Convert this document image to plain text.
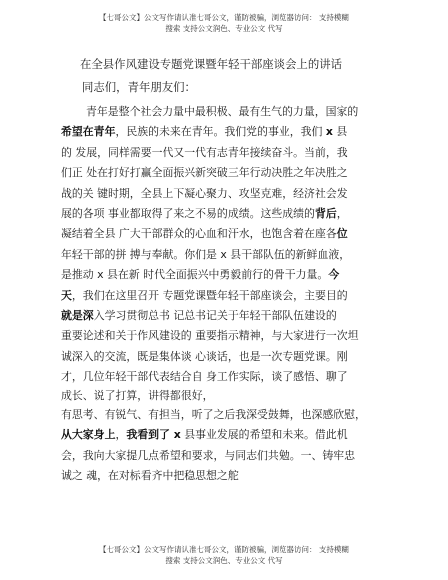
【七哥公文】公文写作请认准七哥公文，谨防被骗，浏览器访问： 支持模糊
搜索 支持公文润色、专业公文 代写
在全县作风建设专题党课暨年轻干部座谈会上的讲话
同志们，青年朋友们：
青年是整个社会力量中最积极、最有生气的力量，国家的
希望在青年，民族的未来在青年。我们党的事业，我们 x 县
的 发展，同样需要一代又一代有志青年接续奋斗。当前，我
们正 处在打好打赢全面振兴新突破三年行动决胜之年决胜之
战的关 键时期，全县上下凝心聚力、攻坚克难，经济社会发
展的各项 事业都取得了来之不易的成绩。这些成绩的背后，
凝结着全县 广大干部群众的心血和汗水，也饱含着在座各位
年轻干部的拼 搏与奉献。你们是 x 县干部队伍的新鲜血液，
是推动 x 县在新 时代全面振兴中勇毅前行的骨干力量。今
天，我们在这里召开 专题党课暨年轻干部座谈会，主要目的
就是深入学习贯彻总书 记总书记关于年轻干部队伍建设的
重要论述和关于作风建设的 重要指示精神，与大家进行一次坦
诚深入的交流，既是集体谈 心谈话，也是一次专题党课。刚
才，几位年轻干部代表结合自 身工作实际，谈了感悟、聊了
成长、说了打算，讲得都很好，
有思考、有锐气、有担当，听了之后我深受鼓舞，也深感欣慰，
从大家身上，我看到了 x 县事业发展的希望和未来。借此机
会，我向大家提几点希望和要求，与同志们共勉。一、铸牢忠
诚之 魂，在对标看齐中把稳思想之舵
【七哥公文】公文写作请认准七哥公文，谨防被骗，浏览器访问： 支持模糊
搜索 支持公文润色、专业公文 代写
